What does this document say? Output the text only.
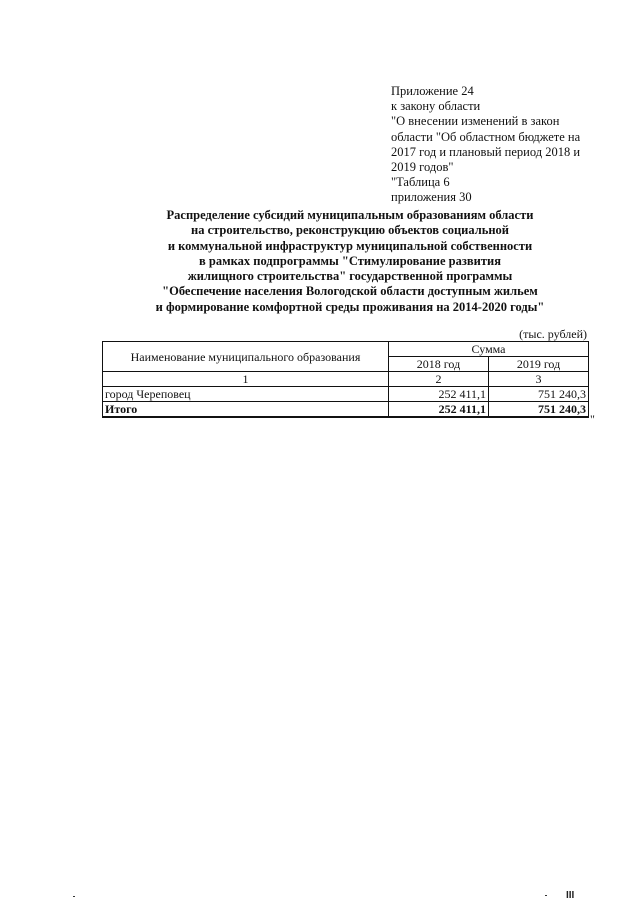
Приложение 24
к закону области
"О внесении изменений в закон
области "Об областном бюджете на
2017 год и плановый период 2018 и
2019 годов"
"Таблица 6
приложения 30
Распределение субсидий муниципальным образованиям области
на строительство, реконструкцию объектов социальной
и коммунальной инфраструктур муниципальной собственности
в рамках подпрограммы "Стимулирование развития
жилищного строительства" государственной программы
"Обеспечение населения Вологодской области доступным жильем
и формирование комфортной среды проживания на 2014-2020 годы"
(тыс. рублей)
Наименование муниципального образования	Сумма	
	2018 год	2019 год
1	2	3
город Череповец	252 411,1	751 240,3
Итого	252 411,1	751 240,3
"
III
